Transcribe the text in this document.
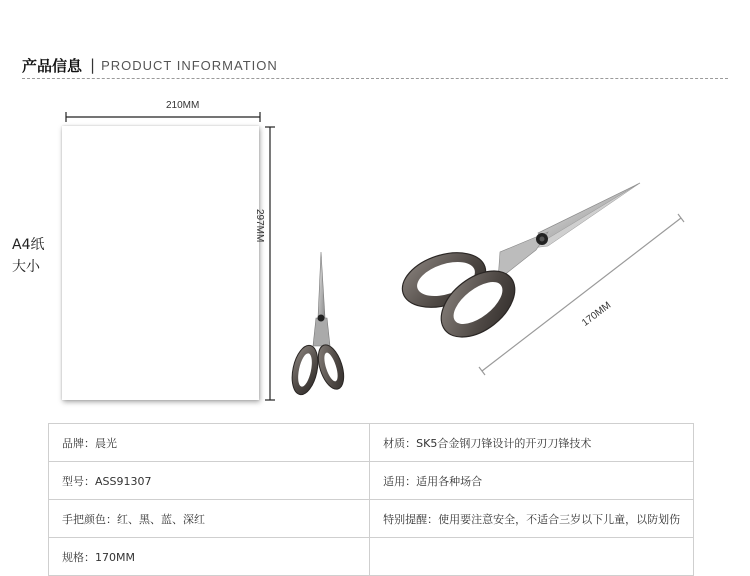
产品信息 | PRODUCT INFORMATION
A4纸
大小
210MM
297MM
170MM
品牌：晨光	材质：SK5合金钢刀锋设计的开刃刀锋技术
型号：ASS91307	适用：适用各种场合
手把颜色：红、黑、蓝、深红	特别提醒：使用要注意安全，不适合三岁以下儿童，以防划伤
规格：170MM	
